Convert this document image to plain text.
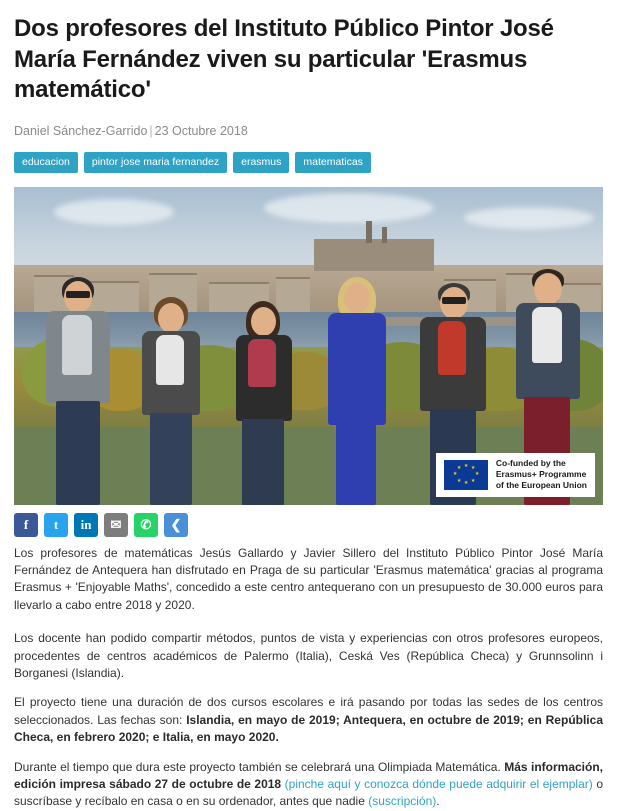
Dos profesores del Instituto Público Pintor José María Fernández viven su particular 'Erasmus matemático'
Daniel Sánchez-Garrido | 23 Octubre 2018
educacion	pintor jose maria fernandez	erasmus	matematicas
★ ★
★
★
★
★
★
★	Co-funded by the
Erasmus+ Programme
of the European Union
f	t	in	✉	✆	❮

Los profesores de matemáticas Jesús Gallardo y Javier Sillero del Instituto Público Pintor José María Fernández de Antequera han disfrutado en Praga de su particular 'Erasmus matemática' gracias al programa Erasmus + 'Enjoyable Maths', concedido a este centro antequerano con un presupuesto de 30.000 euros para llevarlo a cabo entre 2018 y 2020.

Los docente han podido compartir métodos, puntos de vista y experiencias con otros profesores europeos, procedentes de centros académicos de Palermo (Italia), Ceská Ves (República Checa) y Grunnsolinn i Borganesi (Islandia).

El proyecto tiene una duración de dos cursos escolares e irá pasando por todas las sedes de los centros seleccionados. Las fechas son: Islandia, en mayo de 2019; Antequera, en octubre de 2019; en República Checa, en febrero 2020; e Italia, en mayo 2020.

Durante el tiempo que dura este proyecto también se celebrará una Olimpiada Matemática. Más información, edición impresa sábado 27 de octubre de 2018 (pinche aquí y conozca dónde puede adquirir el ejemplar) o suscríbase y recíbalo en casa o en su ordenador, antes que nadie (suscripción).
